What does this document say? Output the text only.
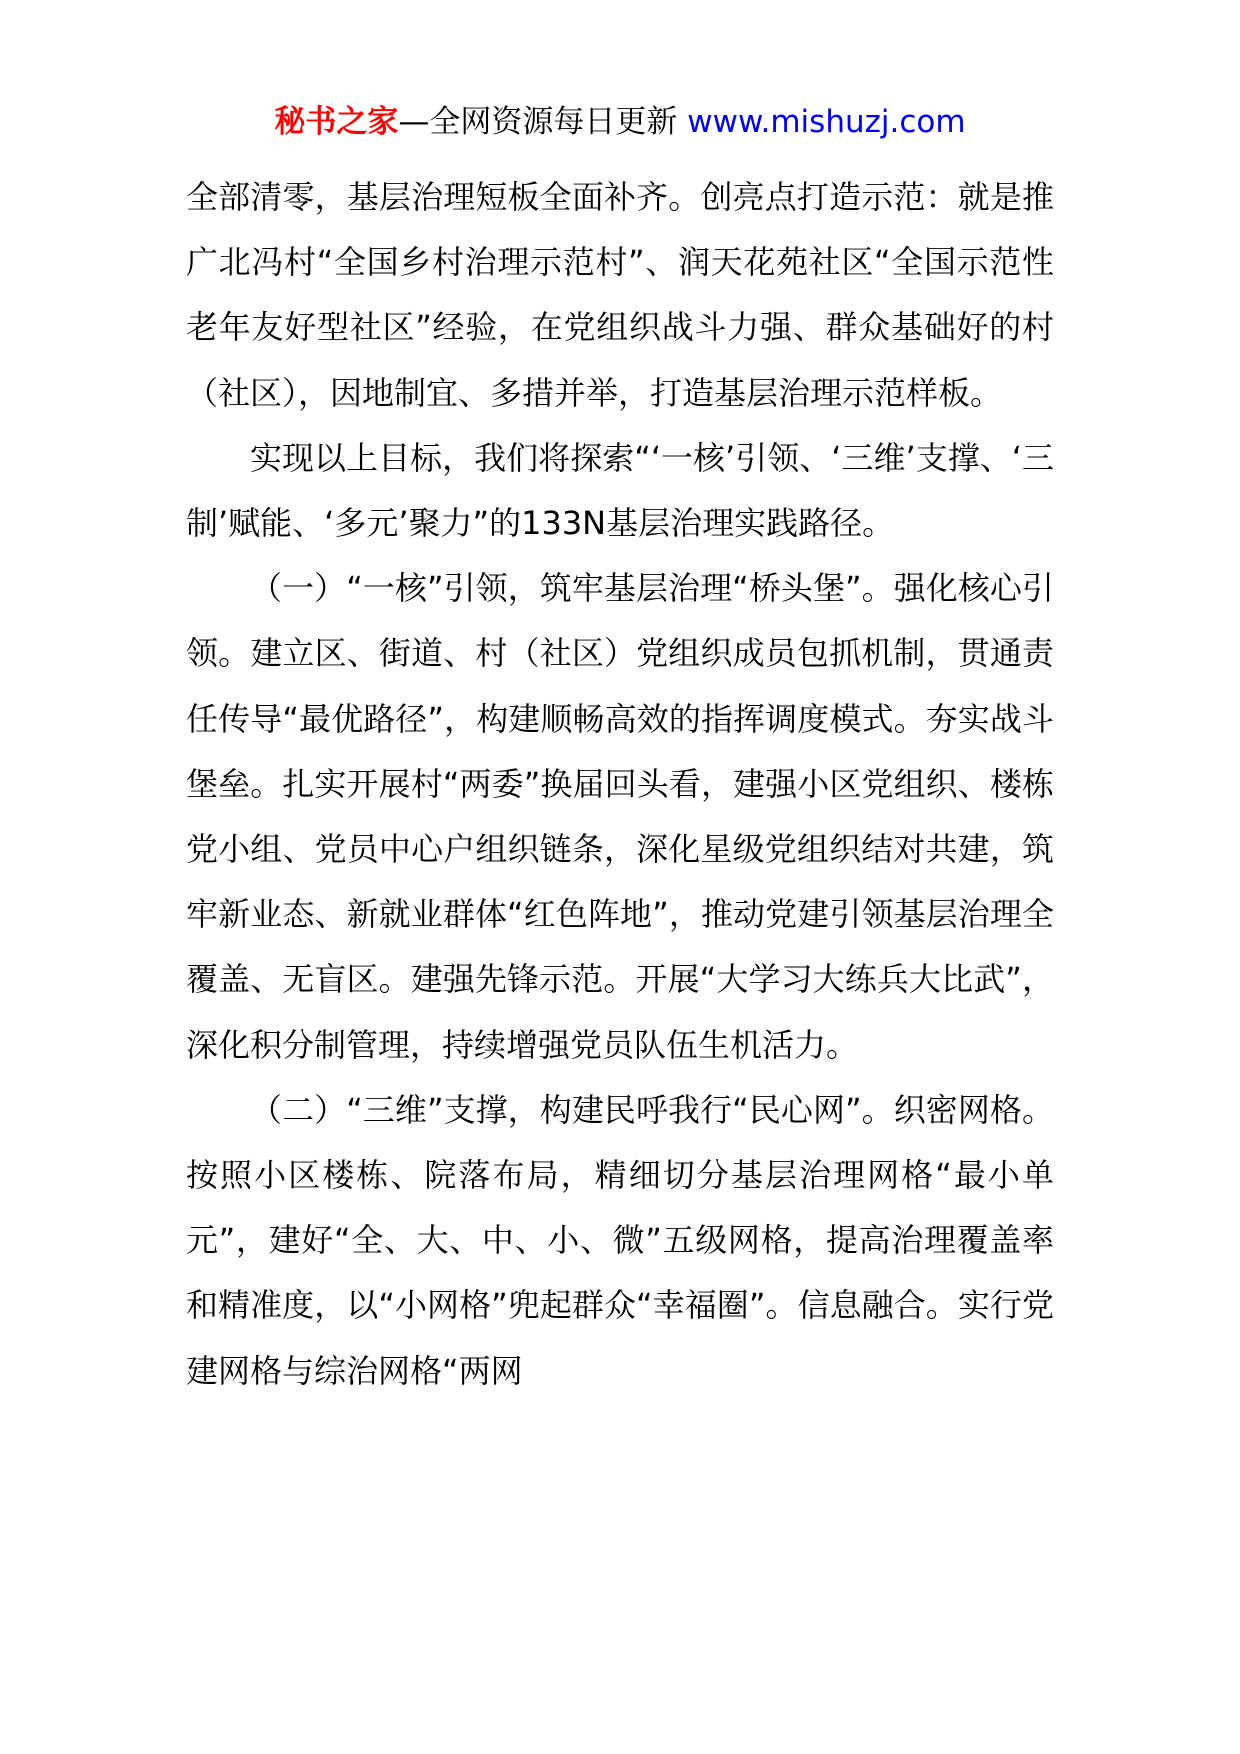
秘书之家—全网资源每日更新 www.mishuzj.com

全部清零，基层治理短板全面补齐。创亮点打造示范：就是推广北冯村“全国乡村治理示范村”、润天花苑社区“全国示范性老年友好型社区”经验，在党组织战斗力强、群众基础好的村（社区），因地制宜、多措并举，打造基层治理示范样板。

实现以上目标，我们将探索“‘一核’引领、‘三维’支撑、‘三制’赋能、‘多元’聚力”的133N基层治理实践路径。

（一）“一核”引领，筑牢基层治理“桥头堡”。强化核心引领。建立区、街道、村（社区）党组织成员包抓机制，贯通责任传导“最优路径”，构建顺畅高效的指挥调度模式。夯实战斗堡垒。扎实开展村“两委”换届回头看，建强小区党组织、楼栋党小组、党员中心户组织链条，深化星级党组织结对共建，筑牢新业态、新就业群体“红色阵地”，推动党建引领基层治理全覆盖、无盲区。建强先锋示范。开展“大学习大练兵大比武”，深化积分制管理，持续增强党员队伍生机活力。

（二）“三维”支撑，构建民呼我行“民心网”。织密网格。按照小区楼栋、院落布局，精细切分基层治理网格“最小单元”，建好“全、大、中、小、微”五级网格，提高治理覆盖率和精准度，以“小网格”兜起群众“幸福圈”。信息融合。实行党建网格与综治网格“两网
